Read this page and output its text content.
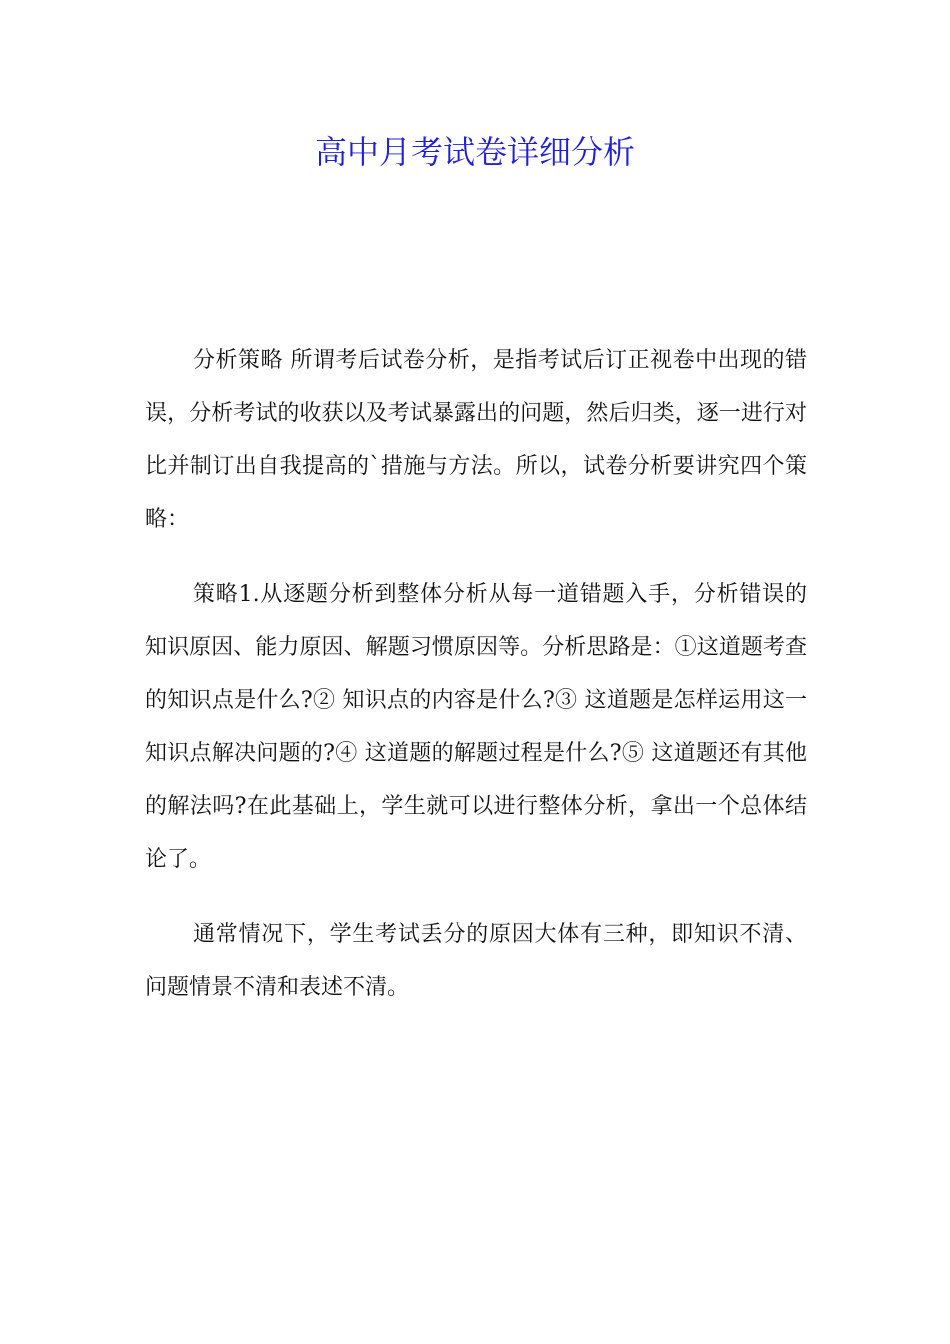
高中月考试卷详细分析

分析策略 所谓考后试卷分析，是指考试后订正视卷中出现的错误，分析考试的收获以及考试暴露出的问题，然后归类，逐一进行对比并制订出自我提高的`措施与方法。所以，试卷分析要讲究四个策略：

策略1.从逐题分析到整体分析从每一道错题入手，分析错误的知识原因、能力原因、解题习惯原因等。分析思路是：①这道题考查的知识点是什么?② 知识点的内容是什么?③ 这道题是怎样运用这一知识点解决问题的?④ 这道题的解题过程是什么?⑤ 这道题还有其他的解法吗?在此基础上，学生就可以进行整体分析，拿出一个总体结论了。

通常情况下，学生考试丢分的原因大体有三种，即知识不清、问题情景不清和表述不清。
